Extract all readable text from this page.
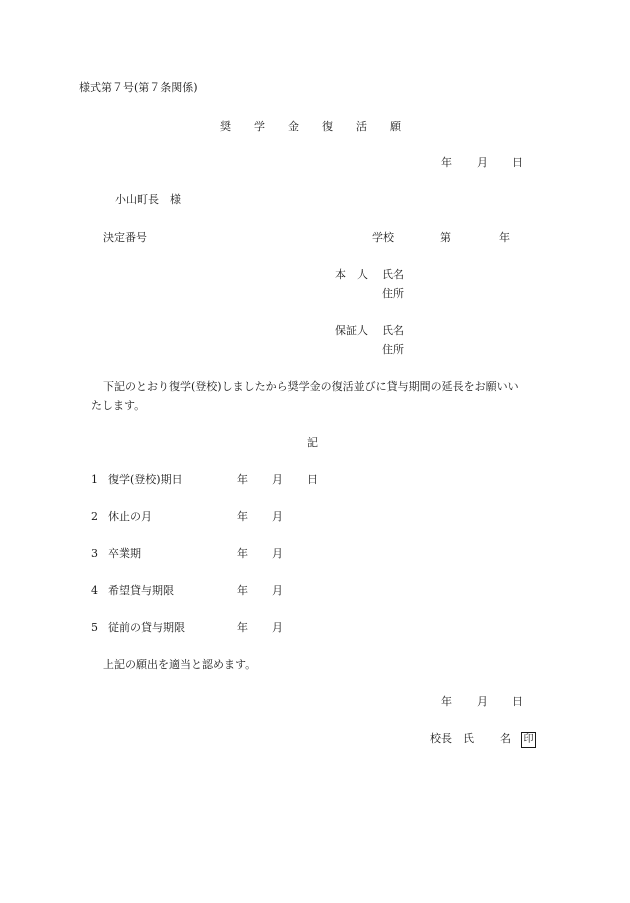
様式第７号(第７条関係)
奨 学 金 復 活 願
年 月 日
小山町長　様
決定番号	学校	第	年
本　人 氏名
住所
保証人 氏名
住所
下記のとおり復学(登校)しましたから奨学金の復活並びに貸与期間の延長をお願いい
たします。
記
1 復学(登校)期日	年 月 日
2 休止の月	年 月
3 卒業期	年 月
4 希望貸与期限	年 月
5 従前の貸与期限	年 月
上記の願出を適当と認めます。
年 月 日
校長　氏 名 印
